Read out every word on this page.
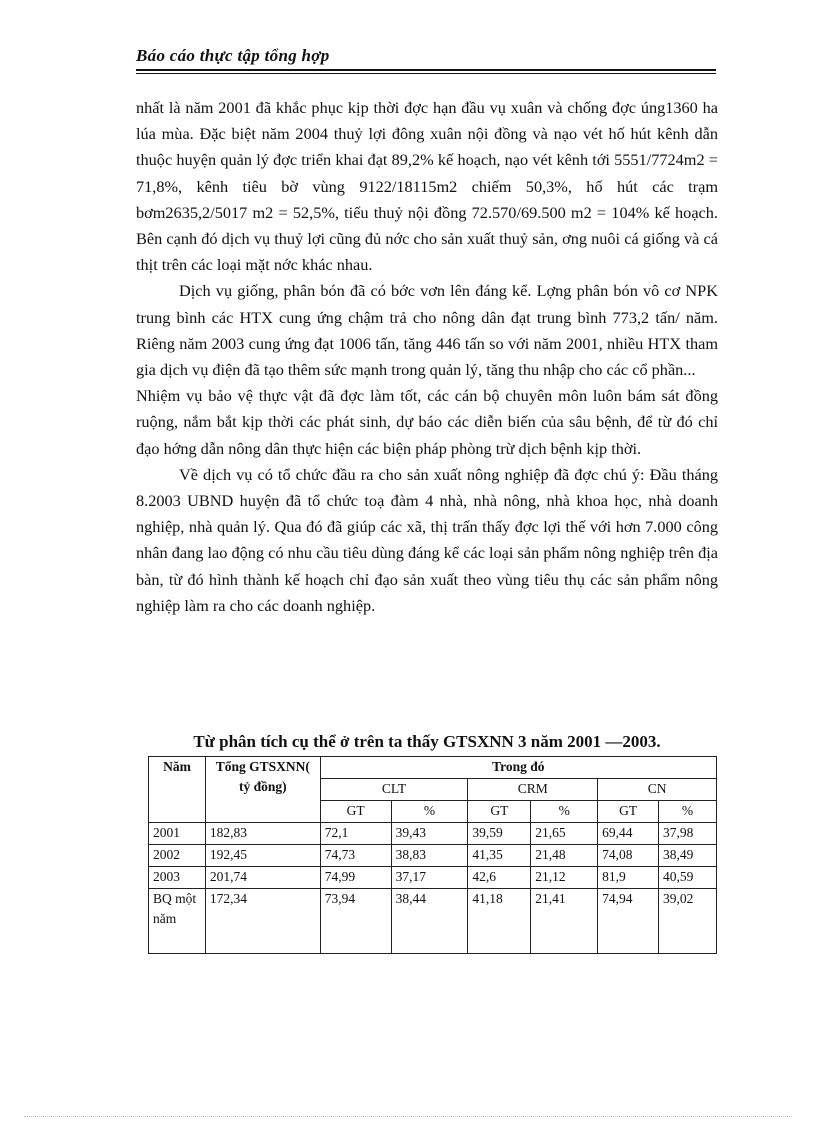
Báo cáo thực tập tổng hợp

nhất là năm 2001 đã khắc phục kịp thời đợc hạn đầu vụ xuân và chống đợc úng1360 ha lúa mùa. Đặc biệt năm 2004 thuỷ lợi đông xuân nội đồng và nạo vét hố hút kênh dẫn thuộc huyện quản lý đợc triển khai đạt 89,2% kế hoạch, nạo vét kênh tới 5551/7724m2 = 71,8%, kênh tiêu bờ vùng 9122/18115m2 chiếm 50,3%, hố hút các trạm bơm2635,2/5017 m2 = 52,5%, tiểu thuỷ nội đồng 72.570/69.500 m2 = 104% kế hoạch. Bên cạnh đó dịch vụ thuỷ lợi cũng đủ nớc cho sản xuất thuỷ sản, ơng nuôi cá giống và cá thịt trên các loại mặt nớc khác nhau.

Dịch vụ giống, phân bón đã có bớc vơn lên đáng kể. Lợng phân bón vô cơ NPK trung bình các HTX cung ứng chậm trả cho nông dân đạt trung bình 773,2 tấn/ năm. Riêng năm 2003 cung ứng đạt 1006 tấn, tăng 446 tấn so với năm 2001, nhiều HTX tham gia dịch vụ điện đã tạo thêm sức mạnh trong quản lý, tăng thu nhập cho các cổ phần...

Nhiệm vụ bảo vệ thực vật đã đợc làm tốt, các cán bộ chuyên môn luôn bám sát đồng ruộng, nắm bắt kịp thời các phát sinh, dự báo các diễn biến của sâu bệnh, để từ đó chỉ đạo hớng dẫn nông dân thực hiện các biện pháp phòng trừ dịch bệnh kịp thời.

Về dịch vụ có tổ chức đầu ra cho sản xuất nông nghiệp đã đợc chú ý: Đầu tháng 8.2003 UBND huyện đã tổ chức toạ đàm 4 nhà, nhà nông, nhà khoa học, nhà doanh nghiệp, nhà quản lý. Qua đó đã giúp các xã, thị trấn thấy đợc lợi thế với hơn 7.000 công nhân đang lao động có nhu cầu tiêu dùng đáng kể các loại sản phẩm nông nghiệp trên địa bàn, từ đó hình thành kế hoạch chỉ đạo sản xuất theo vùng tiêu thụ các sản phẩm nông nghiệp làm ra cho các doanh nghiệp.

Từ phân tích cụ thể ở trên ta thấy GTSXNN 3 năm 2001 —2003.
Năm	Tổng GTSXNN( tỷ đồng)	Trong đó					
		CLT		CRM		CN	
		GT	%	GT	%	GT	%
2001	182,83	72,1	39,43	39,59	21,65	69,44	37,98
2002	192,45	74,73	38,83	41,35	21,48	74,08	38,49
2003	201,74	74,99	37,17	42,6	21,12	81,9	40,59
BQ một năm	172,34	73,94	38,44	41,18	21,41	74,94	39,02
